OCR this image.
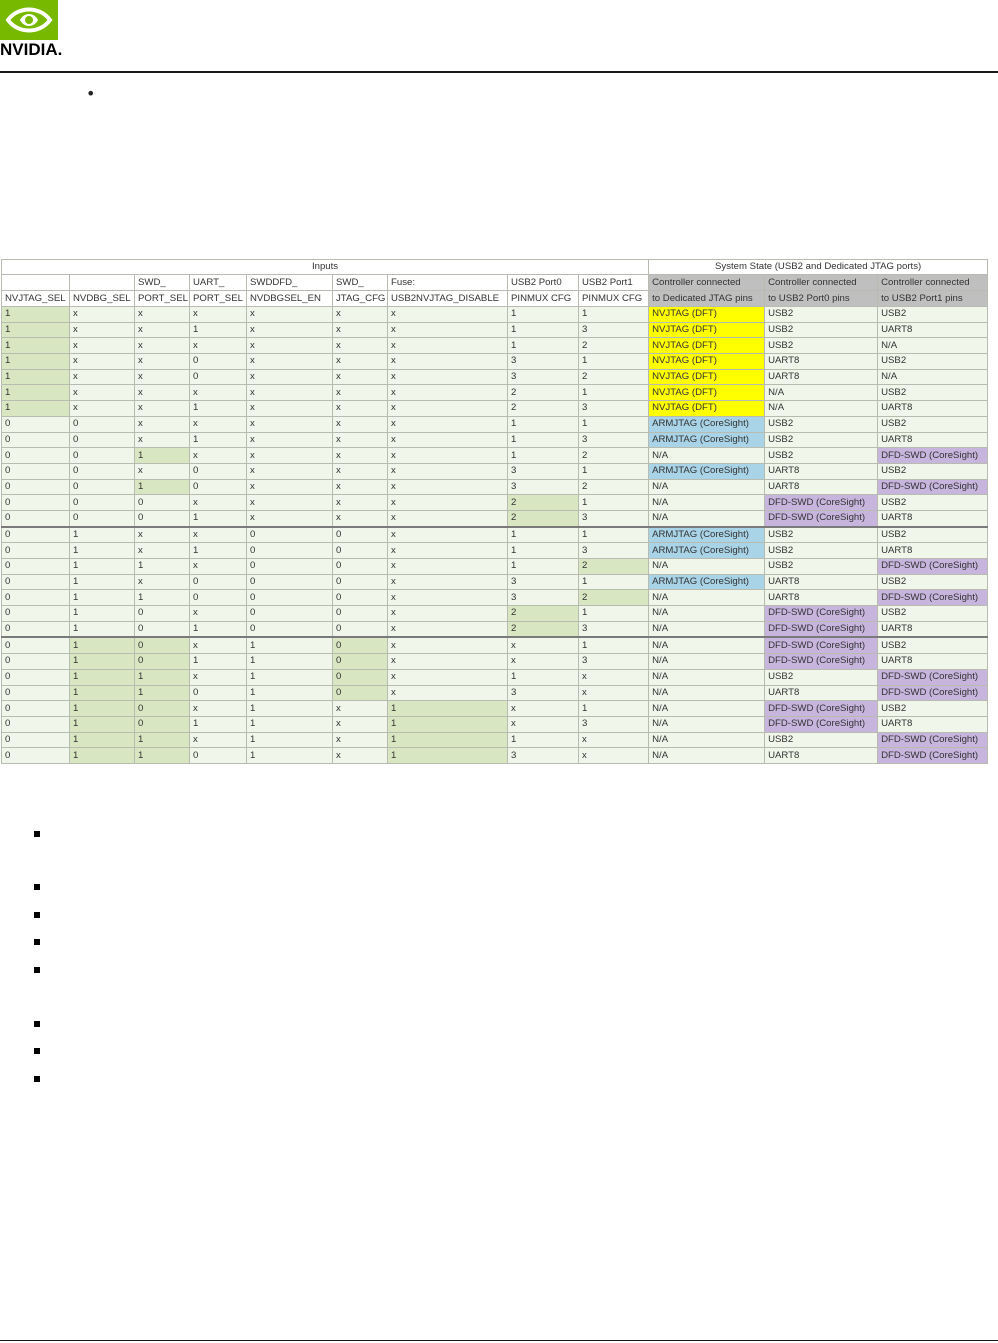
NVIDIA.
•
Inputs									System State (USB2 and Dedicated JTAG ports)		
		SWD_	UART_	SWDDFD_	SWD_	Fuse:	USB2 Port0	USB2 Port1	Controller connected	Controller connected	Controller connected
NVJTAG_SEL	NVDBG_SEL	PORT_SEL	PORT_SEL	NVDBGSEL_EN	JTAG_CFG	USB2NVJTAG_DISABLE	PINMUX CFG	PINMUX CFG	to Dedicated JTAG pins	to USB2 Port0 pins	to USB2 Port1 pins
1	x	x	x	x	x	x	1	1	NVJTAG (DFT)	USB2	USB2
1	x	x	1	x	x	x	1	3	NVJTAG (DFT)	USB2	UART8
1	x	x	x	x	x	x	1	2	NVJTAG (DFT)	USB2	N/A
1	x	x	0	x	x	x	3	1	NVJTAG (DFT)	UART8	USB2
1	x	x	0	x	x	x	3	2	NVJTAG (DFT)	UART8	N/A
1	x	x	x	x	x	x	2	1	NVJTAG (DFT)	N/A	USB2
1	x	x	1	x	x	x	2	3	NVJTAG (DFT)	N/A	UART8
0	0	x	x	x	x	x	1	1	ARMJTAG (CoreSight)	USB2	USB2
0	0	x	1	x	x	x	1	3	ARMJTAG (CoreSight)	USB2	UART8
0	0	1	x	x	x	x	1	2	N/A	USB2	DFD-SWD (CoreSight)
0	0	x	0	x	x	x	3	1	ARMJTAG (CoreSight)	UART8	USB2
0	0	1	0	x	x	x	3	2	N/A	UART8	DFD-SWD (CoreSight)
0	0	0	x	x	x	x	2	1	N/A	DFD-SWD (CoreSight)	USB2
0	0	0	1	x	x	x	2	3	N/A	DFD-SWD (CoreSight)	UART8
0	1	x	x	0	0	x	1	1	ARMJTAG (CoreSight)	USB2	USB2
0	1	x	1	0	0	x	1	3	ARMJTAG (CoreSight)	USB2	UART8
0	1	1	x	0	0	x	1	2	N/A	USB2	DFD-SWD (CoreSight)
0	1	x	0	0	0	x	3	1	ARMJTAG (CoreSight)	UART8	USB2
0	1	1	0	0	0	x	3	2	N/A	UART8	DFD-SWD (CoreSight)
0	1	0	x	0	0	x	2	1	N/A	DFD-SWD (CoreSight)	USB2
0	1	0	1	0	0	x	2	3	N/A	DFD-SWD (CoreSight)	UART8
0	1	0	x	1	0	x	x	1	N/A	DFD-SWD (CoreSight)	USB2
0	1	0	1	1	0	x	x	3	N/A	DFD-SWD (CoreSight)	UART8
0	1	1	x	1	0	x	1	x	N/A	USB2	DFD-SWD (CoreSight)
0	1	1	0	1	0	x	3	x	N/A	UART8	DFD-SWD (CoreSight)
0	1	0	x	1	x	1	x	1	N/A	DFD-SWD (CoreSight)	USB2
0	1	0	1	1	x	1	x	3	N/A	DFD-SWD (CoreSight)	UART8
0	1	1	x	1	x	1	1	x	N/A	USB2	DFD-SWD (CoreSight)
0	1	1	0	1	x	1	3	x	N/A	UART8	DFD-SWD (CoreSight)
